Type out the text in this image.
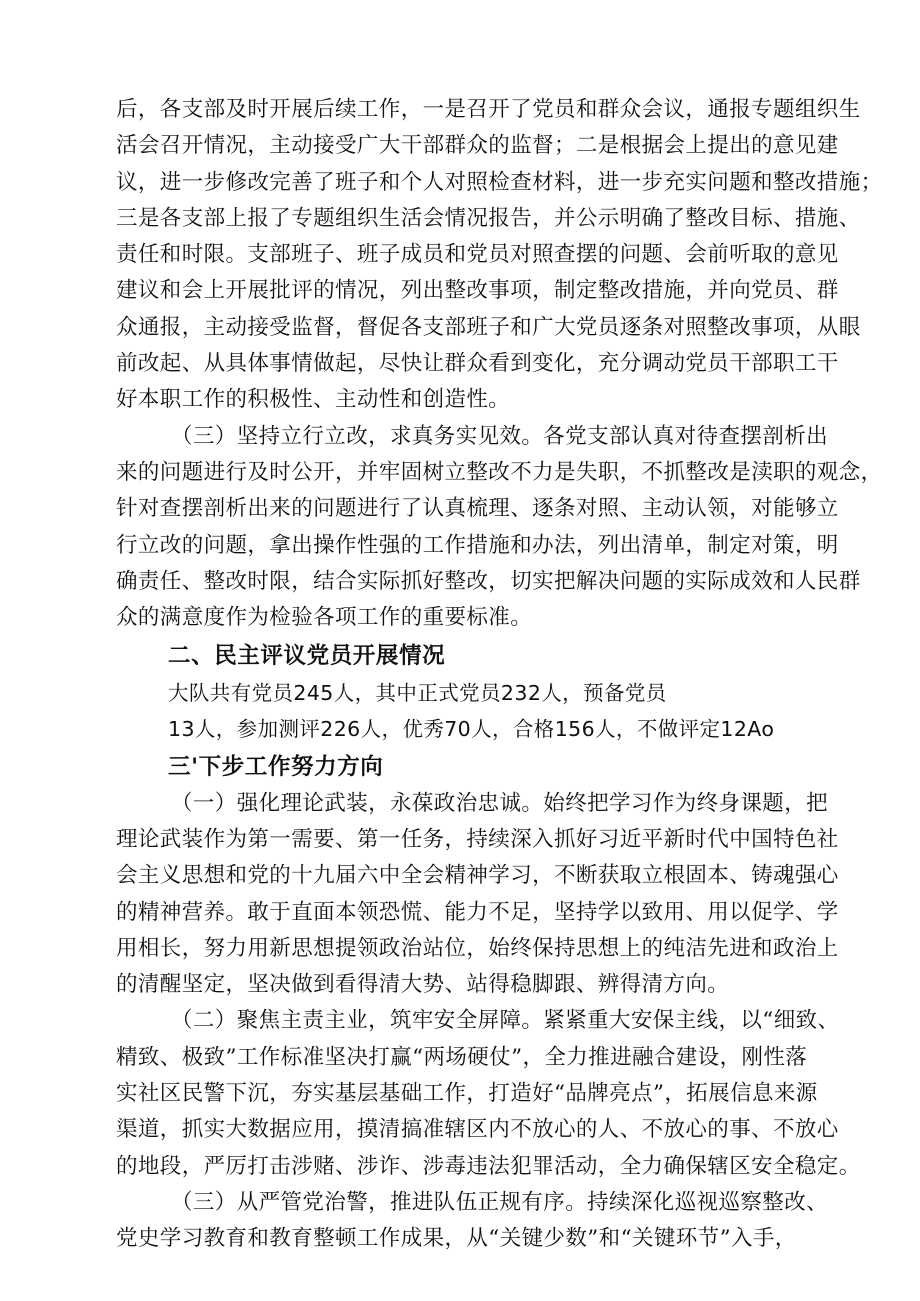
后，各支部及时开展后续工作，一是召开了党员和群众会议，通报专题组织生
活会召开情况，主动接受广大干部群众的监督；二是根据会上提出的意见建
议，进一步修改完善了班子和个人对照检查材料，进一步充实问题和整改措施；
三是各支部上报了专题组织生活会情况报告，并公示明确了整改目标、措施、
责任和时限。支部班子、班子成员和党员对照查摆的问题、会前听取的意见
建议和会上开展批评的情况，列出整改事项，制定整改措施，并向党员、群
众通报，主动接受监督，督促各支部班子和广大党员逐条对照整改事项，从眼
前改起、从具体事情做起，尽快让群众看到变化，充分调动党员干部职工干
好本职工作的积极性、主动性和创造性。
（三）坚持立行立改，求真务实见效。各党支部认真对待查摆剖析出
来的问题进行及时公开，并牢固树立整改不力是失职，不抓整改是渎职的观念，
针对查摆剖析出来的问题进行了认真梳理、逐条对照、主动认领，对能够立
行立改的问题，拿出操作性强的工作措施和办法，列出清单，制定对策，明
确责任、整改时限，结合实际抓好整改，切实把解决问题的实际成效和人民群
众的满意度作为检验各项工作的重要标准。
二、民主评议党员开展情况
大队共有党员245人，其中正式党员232人，预备党员
13人，参加测评226人，优秀70人，合格156人，不做评定12Ao
三'下步工作努力方向
（一）强化理论武装，永葆政治忠诚。始终把学习作为终身课题，把
理论武装作为第一需要、第一任务，持续深入抓好习近平新时代中国特色社
会主义思想和党的十九届六中全会精神学习，不断获取立根固本、铸魂强心
的精神营养。敢于直面本领恐慌、能力不足，坚持学以致用、用以促学、学
用相长，努力用新思想提领政治站位，始终保持思想上的纯洁先进和政治上
的清醒坚定，坚决做到看得清大势、站得稳脚跟、辨得清方向。
（二）聚焦主责主业，筑牢安全屏障。紧紧重大安保主线，以“细致、
精致、极致”工作标准坚决打赢“两场硬仗”，全力推进融合建设，刚性落
实社区民警下沉，夯实基层基础工作，打造好“品牌亮点”，拓展信息来源
渠道，抓实大数据应用，摸清搞准辖区内不放心的人、不放心的事、不放心
的地段，严厉打击涉赌、涉诈、涉毒违法犯罪活动，全力确保辖区安全稳定。
（三）从严管党治警，推进队伍正规有序。持续深化巡视巡察整改、
党史学习教育和教育整顿工作成果，从“关键少数”和“关键环节”入手，
